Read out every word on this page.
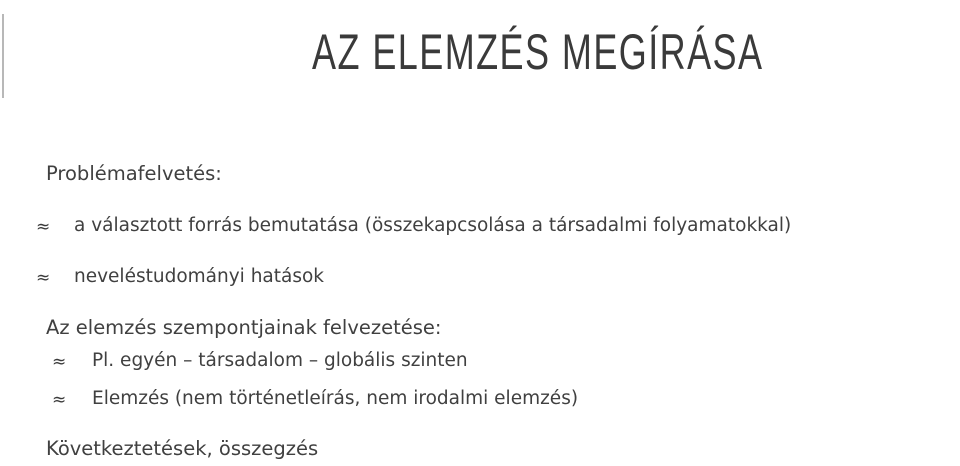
AZ ELEMZÉS MEGÍRÁSA
Problémafelvetés:
≈ a választott forrás bemutatása (összekapcsolása a társadalmi folyamatokkal)
≈ neveléstudományi hatások
Az elemzés szempontjainak felvezetése:
≈ Pl. egyén – társadalom – globális szinten
≈ Elemzés (nem történetleírás, nem irodalmi elemzés)
Következtetések, összegzés
